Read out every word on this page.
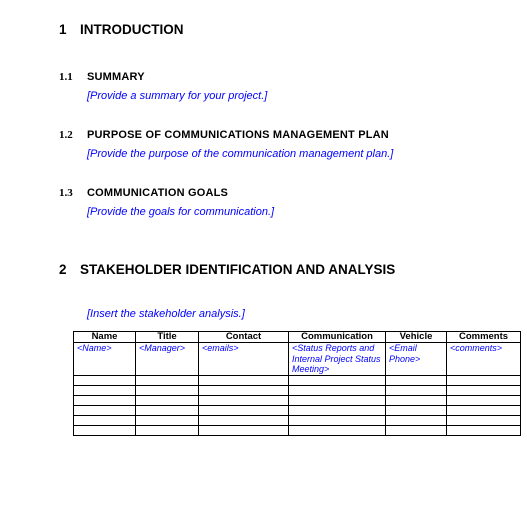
1 INTRODUCTION
1.1 SUMMARY
[Provide a summary for your project.]
1.2 PURPOSE OF COMMUNICATIONS MANAGEMENT PLAN
[Provide the purpose of the communication management plan.]
1.3 COMMUNICATION GOALS
[Provide the goals for communication.]
2 STAKEHOLDER IDENTIFICATION AND ANALYSIS
[Insert the stakeholder analysis.]
Name	Title	Contact	Communication	Vehicle	Comments
<Name>	<Manager>	<emails>	<Status Reports and Internal Project Status Meeting>	<Email Phone>	<comments>
